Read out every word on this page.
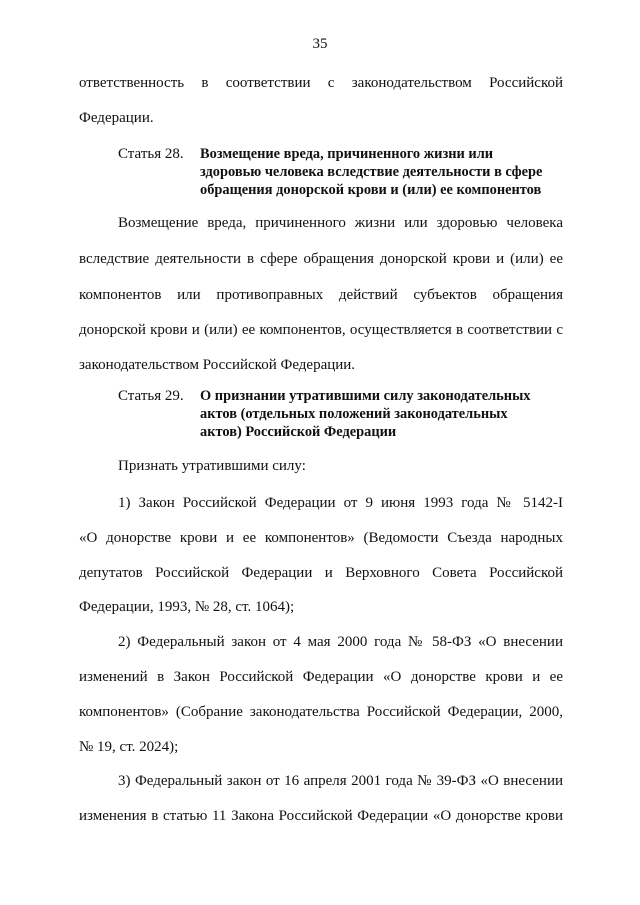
35
ответственность в соответствии с законодательством Российской
Федерации.
Статья 28. Возмещение вреда, причиненного жизни или
здоровью человека вследствие деятельности в сфере
обращения донорской крови и (или) ее компонентов
Возмещение вреда, причиненного жизни или здоровью человека
вследствие деятельности в сфере обращения донорской крови и (или) ее
компонентов или противоправных действий субъектов обращения
донорской крови и (или) ее компонентов, осуществляется в соответствии с
законодательством Российской Федерации.
Статья 29. О признании утратившими силу законодательных
актов (отдельных положений законодательных
актов) Российской Федерации
Признать утратившими силу:
1) Закон Российской Федерации от 9 июня 1993 года № 5142-I
«О донорстве крови и ее компонентов» (Ведомости Съезда народных
депутатов Российской Федерации и Верховного Совета Российской
Федерации, 1993, № 28, ст. 1064);
2) Федеральный закон от 4 мая 2000 года № 58-ФЗ «О внесении
изменений в Закон Российской Федерации «О донорстве крови и ее
компонентов» (Собрание законодательства Российской Федерации, 2000,
№ 19, ст. 2024);
3) Федеральный закон от 16 апреля 2001 года № 39-ФЗ «О внесении
изменения в статью 11 Закона Российской Федерации «О донорстве крови
